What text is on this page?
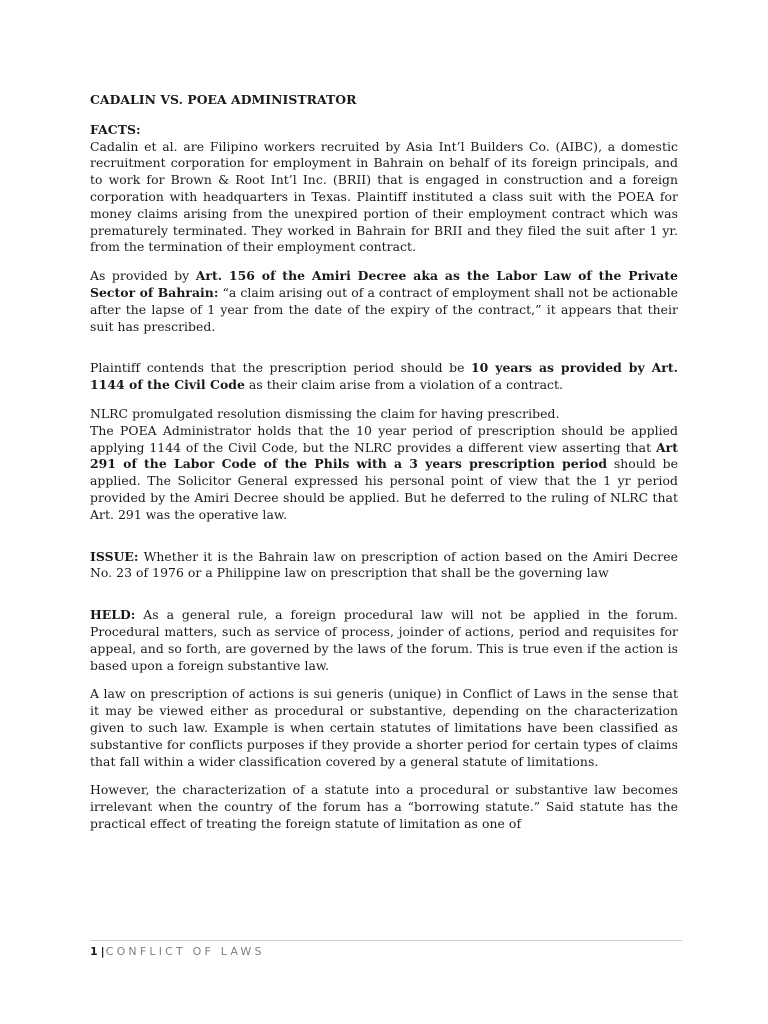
CADALIN VS. POEA ADMINISTRATOR

FACTS:

Cadalin et al. are Filipino workers recruited by Asia Int’l Builders Co. (AIBC), a domestic recruitment corporation for employment in Bahrain on behalf of its foreign principals, and to work for Brown & Root Int’l Inc. (BRII) that is engaged in construction and a foreign corporation with headquarters in Texas. Plaintiff instituted a class suit with the POEA for money claims arising from the unexpired portion of their employment contract which was prematurely terminated. They worked in Bahrain for BRII and they filed the suit after 1 yr. from the termination of their employment contract.

As provided by Art. 156 of the Amiri Decree aka as the Labor Law of the Private Sector of Bahrain: “a claim arising out of a contract of employment shall not be actionable after the lapse of 1 year from the date of the expiry of the contract,” it appears that their suit has prescribed.

Plaintiff contends that the prescription period should be 10 years as provided by Art. 1144 of the Civil Code as their claim arise from a violation of a contract.

NLRC promulgated resolution dismissing the claim for having prescribed.

The POEA Administrator holds that the 10 year period of prescription should be applied applying 1144 of the Civil Code, but the NLRC provides a different view asserting that Art 291 of the Labor Code of the Phils with a 3 years prescription period should be applied. The Solicitor General expressed his personal point of view that the 1 yr period provided by the Amiri Decree should be applied. But he deferred to the ruling of NLRC that Art. 291 was the operative law.

ISSUE: Whether it is the Bahrain law on prescription of action based on the Amiri Decree No. 23 of 1976 or a Philippine law on prescription that shall be the governing law

HELD: As a general rule, a foreign procedural law will not be applied in the forum. Procedural matters, such as service of process, joinder of actions, period and requisites for appeal, and so forth, are governed by the laws of the forum. This is true even if the action is based upon a foreign substantive law.

A law on prescription of actions is sui generis (unique) in Conflict of Laws in the sense that it may be viewed either as procedural or substantive, depending on the characterization given to such law. Example is when certain statutes of limitations have been classified as substantive for conflicts purposes if they provide a shorter period for certain types of claims that fall within a wider classification covered by a general statute of limitations.

However, the characterization of a statute into a procedural or substantive law becomes irrelevant when the country of the forum has a “borrowing statute.” Said statute has the practical effect of treating the foreign statute of limitation as one of

1 |CONFLICT OF LAWS
